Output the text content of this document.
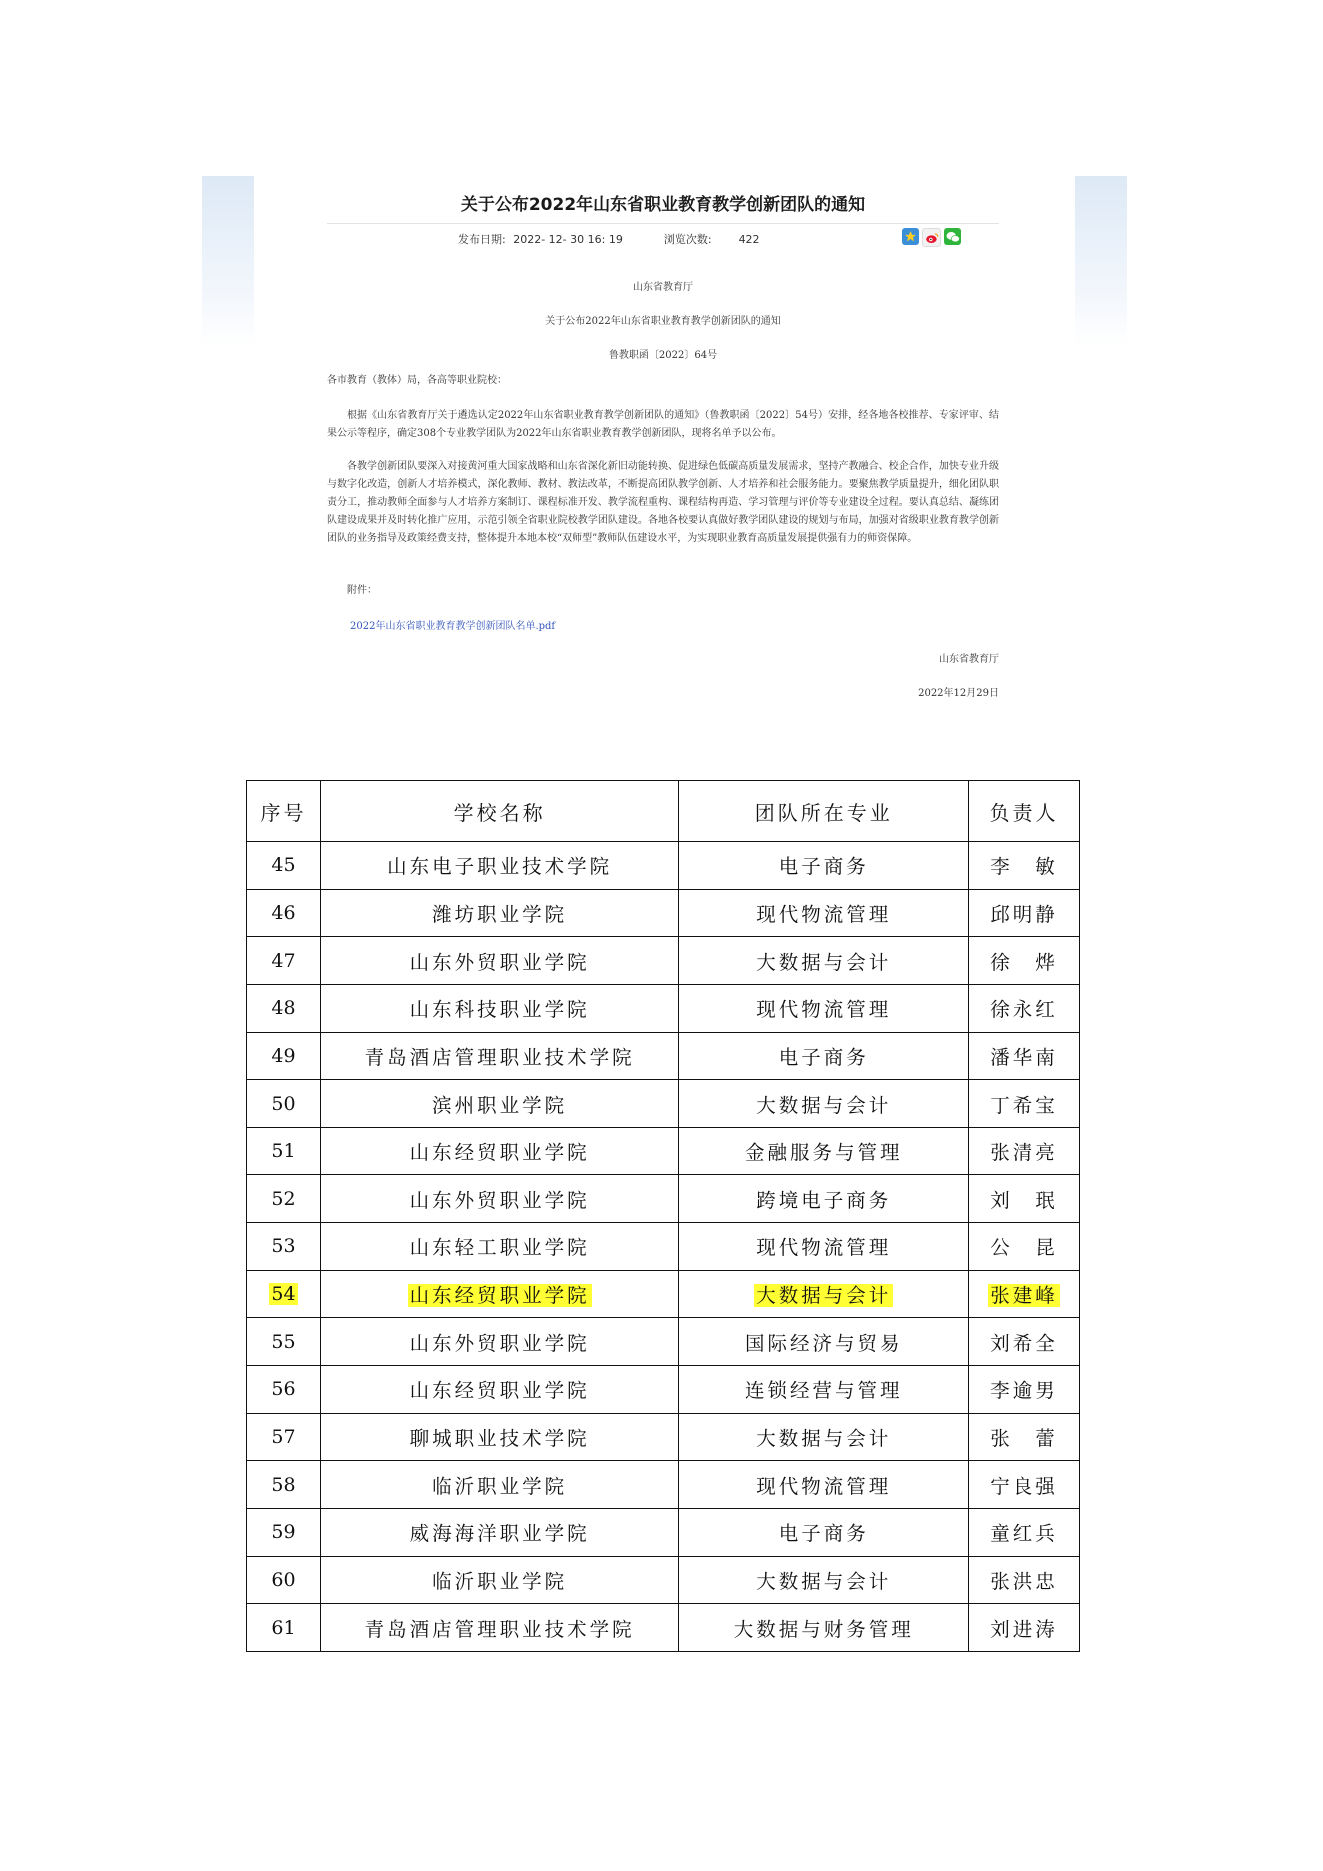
关于公布2022年山东省职业教育教学创新团队的通知
发布日期: 2022- 12- 30 16: 19	浏览次数: 422
山东省教育厅
关于公布2022年山东省职业教育教学创新团队的通知
鲁教职函〔2022〕64号
各市教育（教体）局，各高等职业院校：
根据《山东省教育厅关于遴选认定2022年山东省职业教育教学创新团队的通知》（鲁教职函〔2022〕54号）安排，经各地各校推荐、专家评审、结果公示等程序，确定308个专业教学团队为2022年山东省职业教育教学创新团队，现将名单予以公布。
各教学创新团队要深入对接黄河重大国家战略和山东省深化新旧动能转换、促进绿色低碳高质量发展需求，坚持产教融合、校企合作，加快专业升级与数字化改造，创新人才培养模式，深化教师、教材、教法改革，不断提高团队教学创新、人才培养和社会服务能力。要聚焦教学质量提升，细化团队职责分工，推动教师全面参与人才培养方案制订、课程标准开发、教学流程重构、课程结构再造、学习管理与评价等专业建设全过程。要认真总结、凝练团队建设成果并及时转化推广应用，示范引领全省职业院校教学团队建设。各地各校要认真做好教学团队建设的规划与布局，加强对省级职业教育教学创新团队的业务指导及政策经费支持，整体提升本地本校“双师型”教师队伍建设水平，为实现职业教育高质量发展提供强有力的师资保障。
附件：
2022年山东省职业教育教学创新团队名单.pdf
山东省教育厅
2022年12月29日
序号	学校名称	团队所在专业	负责人
45	山东电子职业技术学院	电子商务	李　敏
46	潍坊职业学院	现代物流管理	邱明静
47	山东外贸职业学院	大数据与会计	徐　烨
48	山东科技职业学院	现代物流管理	徐永红
49	青岛酒店管理职业技术学院	电子商务	潘华南
50	滨州职业学院	大数据与会计	丁希宝
51	山东经贸职业学院	金融服务与管理	张清亮
52	山东外贸职业学院	跨境电子商务	刘　珉
53	山东轻工职业学院	现代物流管理	公　昆
54	山东经贸职业学院	大数据与会计	张建峰
55	山东外贸职业学院	国际经济与贸易	刘希全
56	山东经贸职业学院	连锁经营与管理	李逾男
57	聊城职业技术学院	大数据与会计	张　蕾
58	临沂职业学院	现代物流管理	宁良强
59	威海海洋职业学院	电子商务	童红兵
60	临沂职业学院	大数据与会计	张洪忠
61	青岛酒店管理职业技术学院	大数据与财务管理	刘进涛
